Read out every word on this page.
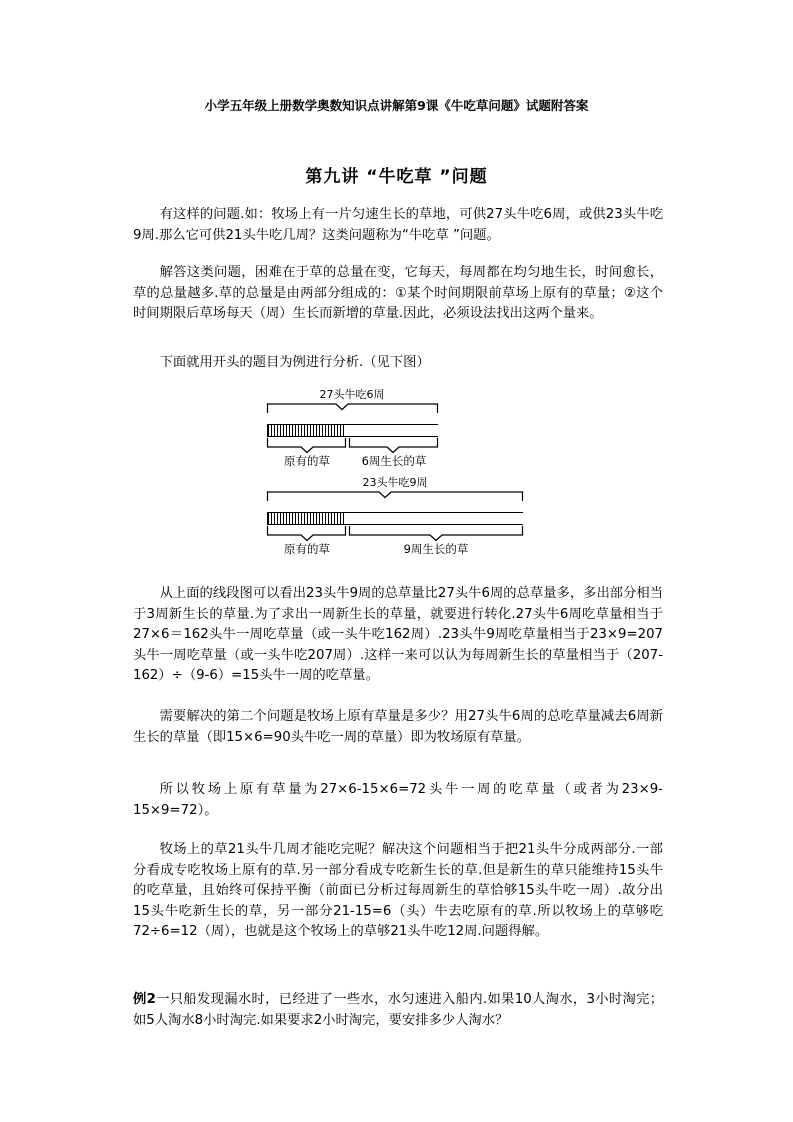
小学五年级上册数学奥数知识点讲解第9课《牛吃草问题》试题附答案
第九讲 “牛吃草 ”问题
有这样的问题.如：牧场上有一片匀速生长的草地，可供27头牛吃6周，或供23头牛吃9周.那么它可供21头牛吃几周？这类问题称为“牛吃草 ”问题。
解答这类问题，困难在于草的总量在变，它每天，每周都在均匀地生长，时间愈长，草的总量越多.草的总量是由两部分组成的：①某个时间期限前草场上原有的草量；②这个时间期限后草场每天（周）生长而新增的草量.因此，必须设法找出这两个量来。
下面就用开头的题目为例进行分析.（见下图）
27头牛吃6周
原有的草	6周生长的草
23头牛吃9周
原有的草	9周生长的草
从上面的线段图可以看出23头牛9周的总草量比27头牛6周的总草量多，多出部分相当于3周新生长的草量.为了求出一周新生长的草量，就要进行转化.27头牛6周吃草量相当于27×6＝162头牛一周吃草量（或一头牛吃162周）.23头牛9周吃草量相当于23×9=207头牛一周吃草量（或一头牛吃207周）.这样一来可以认为每周新生长的草量相当于（207-162）÷（9-6）=15头牛一周的吃草量。
需要解决的第二个问题是牧场上原有草量是多少？用27头牛6周的总吃草量减去6周新生长的草量（即15×6=90头牛吃一周的草量）即为牧场原有草量。
所以牧场上原有草量为27×6-15×6=72头牛一周的吃草量（或者为23×9-15×9=72）。
牧场上的草21头牛几周才能吃完呢？解决这个问题相当于把21头牛分成两部分.一部分看成专吃牧场上原有的草.另一部分看成专吃新生长的草.但是新生的草只能维持15头牛的吃草量，且始终可保持平衡（前面已分析过每周新生的草恰够15头牛吃一周）.故分出15头牛吃新生长的草，另一部分21-15=6（头）牛去吃原有的草.所以牧场上的草够吃72÷6=12（周），也就是这个牧场上的草够21头牛吃12周.问题得解。
例2一只船发现漏水时，已经进了一些水，水匀速进入船内.如果10人淘水，3小时淘完；如5人淘水8小时淘完.如果要求2小时淘完，要安排多少人淘水？
